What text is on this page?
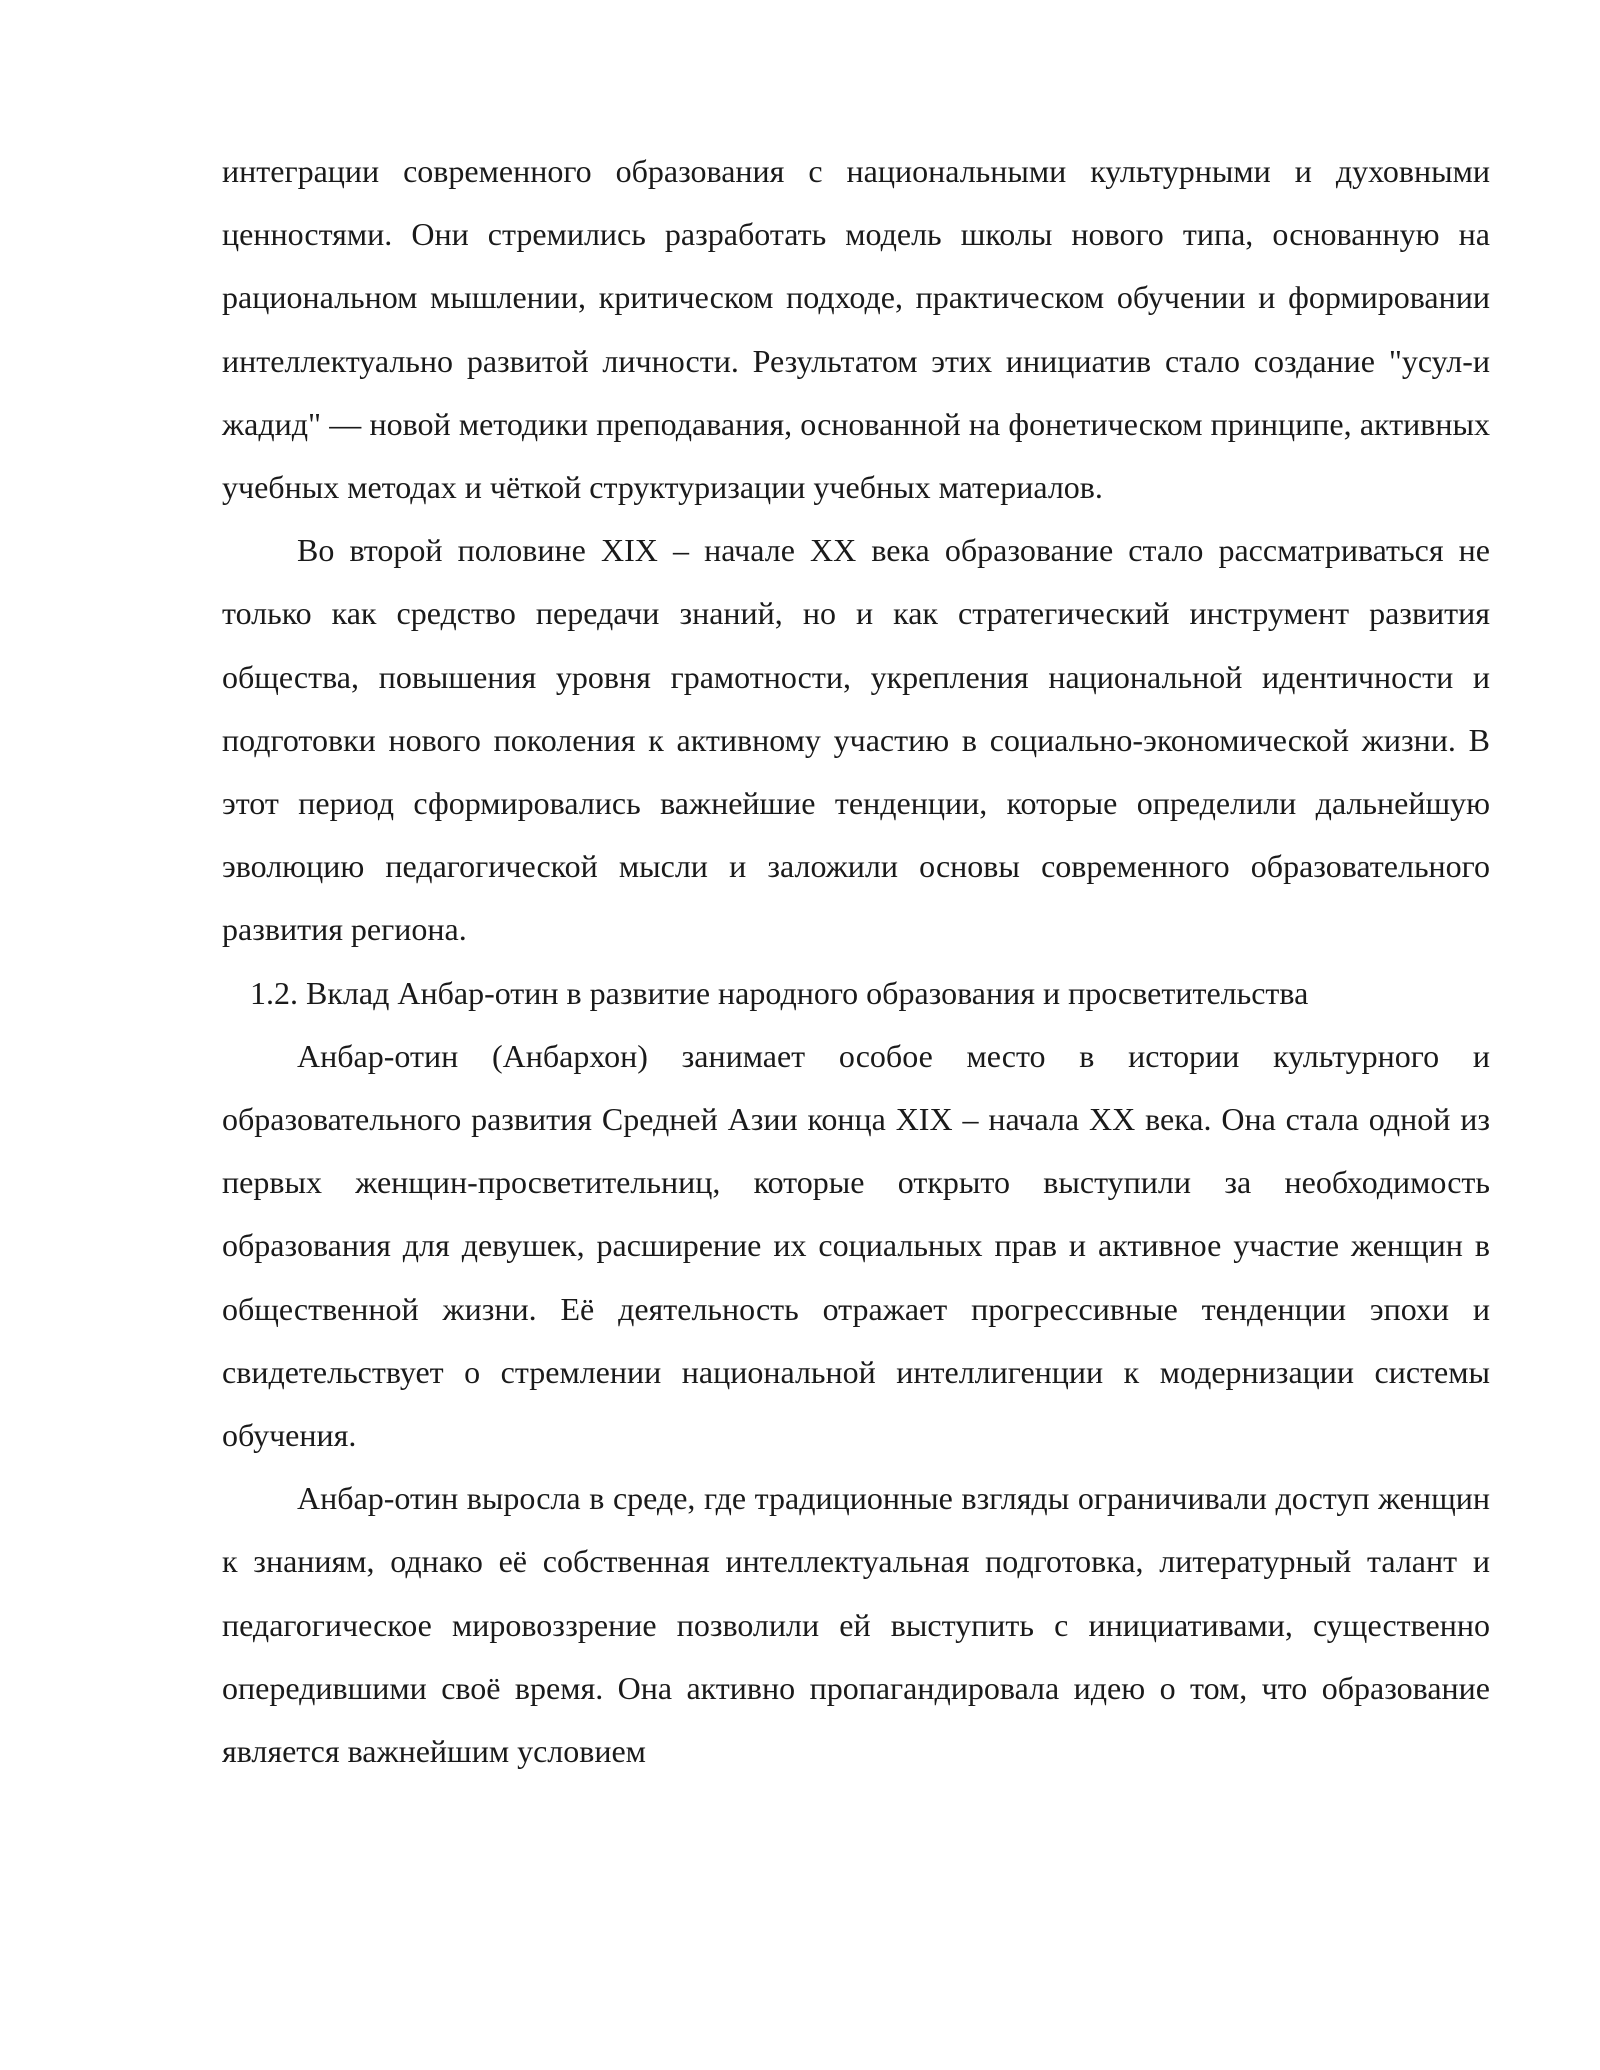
интеграции современного образования с национальными культурными и духовными ценностями. Они стремились разработать модель школы нового типа, основанную на рациональном мышлении, критическом подходе, практическом обучении и формировании интеллектуально развитой личности. Результатом этих инициатив стало создание "усул-и жадид" — новой методики преподавания, основанной на фонетическом принципе, активных учебных методах и чёткой структуризации учебных материалов.

Во второй половине XIX – начале XX века образование стало рассматриваться не только как средство передачи знаний, но и как стратегический инструмент развития общества, повышения уровня грамотности, укрепления национальной идентичности и подготовки нового поколения к активному участию в социально-экономической жизни. В этот период сформировались важнейшие тенденции, которые определили дальнейшую эволюцию педагогической мысли и заложили основы современного образовательного развития региона.

1.2. Вклад Анбар-отин в развитие народного образования и просветительства

Анбар-отин (Анбархон) занимает особое место в истории культурного и образовательного развития Средней Азии конца XIX – начала XX века. Она стала одной из первых женщин-просветительниц, которые открыто выступили за необходимость образования для девушек, расширение их социальных прав и активное участие женщин в общественной жизни. Её деятельность отражает прогрессивные тенденции эпохи и свидетельствует о стремлении национальной интеллигенции к модернизации системы обучения.

Анбар-отин выросла в среде, где традиционные взгляды ограничивали доступ женщин к знаниям, однако её собственная интеллектуальная подготовка, литературный талант и педагогическое мировоззрение позволили ей выступить с инициативами, существенно опередившими своё время. Она активно пропагандировала идею о том, что образование является важнейшим условием
